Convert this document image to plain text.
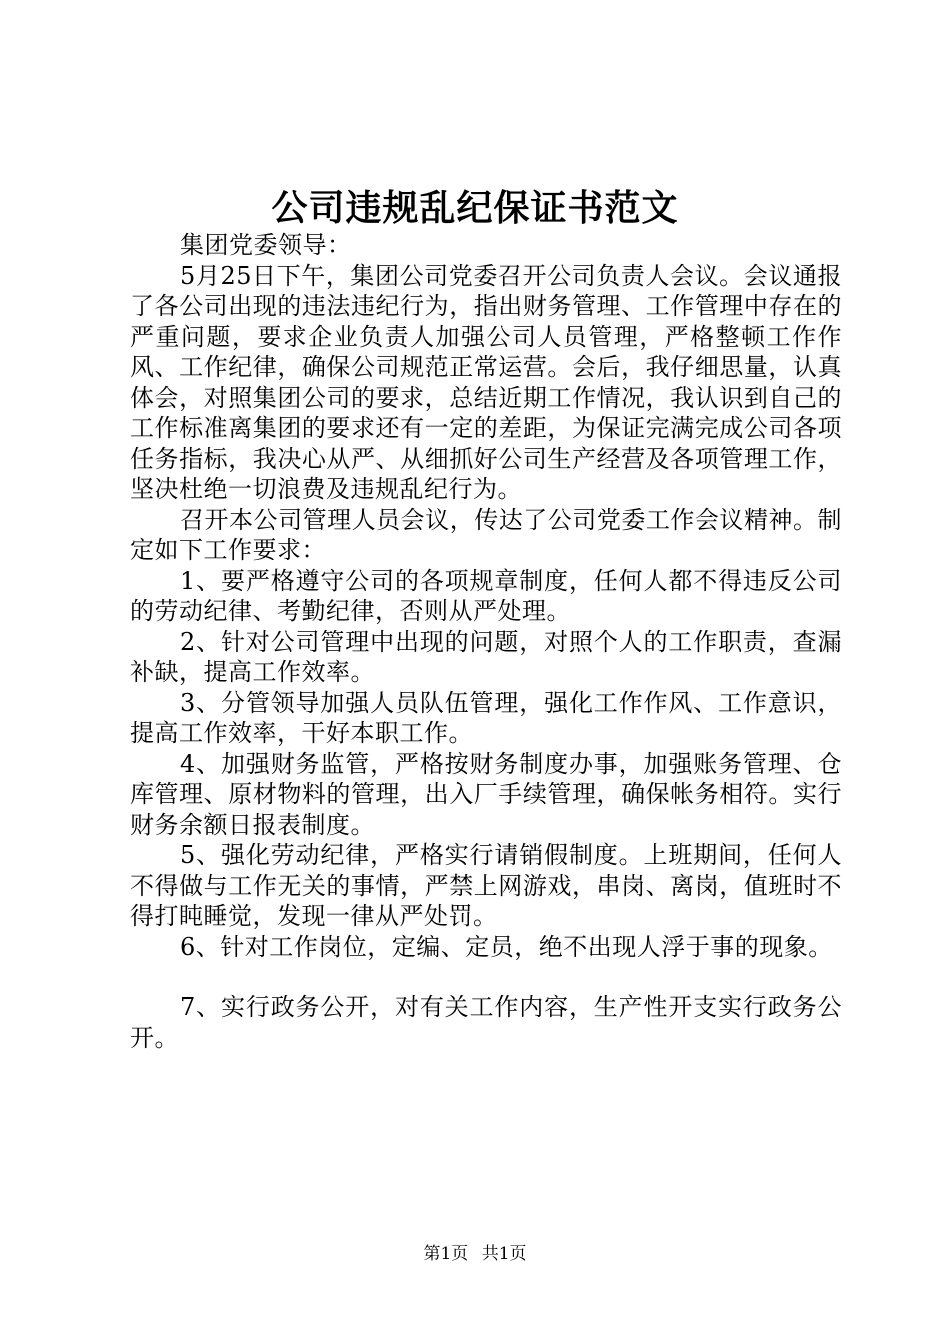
公司违规乱纪保证书范文

集团党委领导：

5月25日下午，集团公司党委召开公司负责人会议。会议通报了各公司出现的违法违纪行为，指出财务管理、工作管理中存在的严重问题，要求企业负责人加强公司人员管理，严格整顿工作作风、工作纪律，确保公司规范正常运营。会后，我仔细思量，认真体会，对照集团公司的要求，总结近期工作情况，我认识到自己的工作标准离集团的要求还有一定的差距，为保证完满完成公司各项任务指标，我决心从严、从细抓好公司生产经营及各项管理工作，坚决杜绝一切浪费及违规乱纪行为。

召开本公司管理人员会议，传达了公司党委工作会议精神。制定如下工作要求：

1、要严格遵守公司的各项规章制度，任何人都不得违反公司的劳动纪律、考勤纪律，否则从严处理。

2、针对公司管理中出现的问题，对照个人的工作职责，查漏补缺，提高工作效率。

3、分管领导加强人员队伍管理，强化工作作风、工作意识，提高工作效率，干好本职工作。

4、加强财务监管，严格按财务制度办事，加强账务管理、仓库管理、原材物料的管理，出入厂手续管理，确保帐务相符。实行财务余额日报表制度。

5、强化劳动纪律，严格实行请销假制度。上班期间，任何人不得做与工作无关的事情，严禁上网游戏，串岗、离岗，值班时不得打盹睡觉，发现一律从严处罚。

6、针对工作岗位，定编、定员，绝不出现人浮于事的现象。

7、实行政务公开，对有关工作内容，生产性开支实行政务公开。

第1页 共1页
